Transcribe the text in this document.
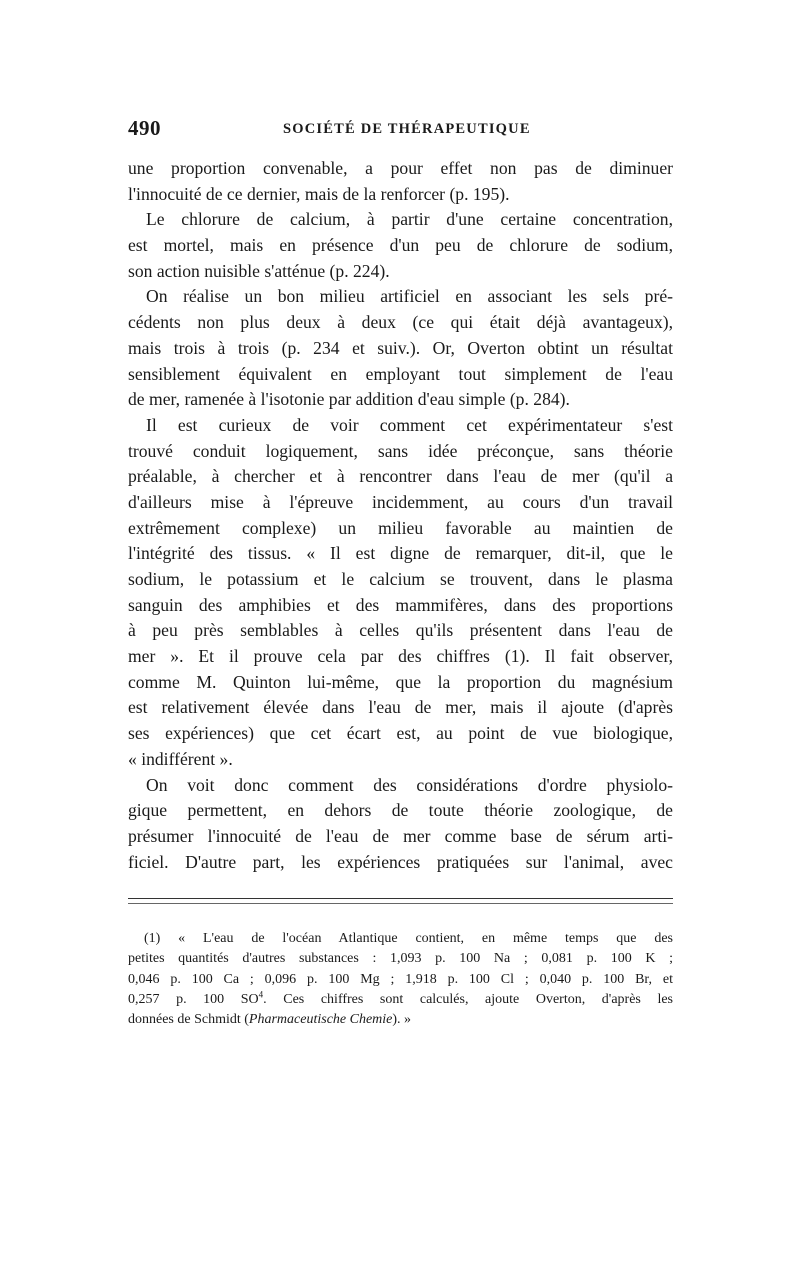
490	SOCIÉTÉ DE THÉRAPEUTIQUE
une proportion convenable, a pour effet non pas de diminuer
l'innocuité de ce dernier, mais de la renforcer (p. 195).
Le chlorure de calcium, à partir d'une certaine concentration,
est mortel, mais en présence d'un peu de chlorure de sodium,
son action nuisible s'atténue (p. 224).
On réalise un bon milieu artificiel en associant les sels pré-
cédents non plus deux à deux (ce qui était déjà avantageux),
mais trois à trois (p. 234 et suiv.). Or, Overton obtint un résultat
sensiblement équivalent en employant tout simplement de l'eau
de mer, ramenée à l'isotonie par addition d'eau simple (p. 284).
Il est curieux de voir comment cet expérimentateur s'est
trouvé conduit logiquement, sans idée préconçue, sans théorie
préalable, à chercher et à rencontrer dans l'eau de mer (qu'il a
d'ailleurs mise à l'épreuve incidemment, au cours d'un travail
extrêmement complexe) un milieu favorable au maintien de
l'intégrité des tissus. « Il est digne de remarquer, dit-il, que le
sodium, le potassium et le calcium se trouvent, dans le plasma
sanguin des amphibies et des mammifères, dans des proportions
à peu près semblables à celles qu'ils présentent dans l'eau de
mer ». Et il prouve cela par des chiffres (1). Il fait observer,
comme M. Quinton lui-même, que la proportion du magnésium
est relativement élevée dans l'eau de mer, mais il ajoute (d'après
ses expériences) que cet écart est, au point de vue biologique,
« indifférent ».
On voit donc comment des considérations d'ordre physiolo-
gique permettent, en dehors de toute théorie zoologique, de
présumer l'innocuité de l'eau de mer comme base de sérum arti-
ficiel. D'autre part, les expériences pratiquées sur l'animal, avec
(1) « L'eau de l'océan Atlantique contient, en même temps que des
petites quantités d'autres substances : 1,093 p. 100 Na ; 0,081 p. 100 K ;
0,046 p. 100 Ca ; 0,096 p. 100 Mg ; 1,918 p. 100 Cl ; 0,040 p. 100 Br, et
0,257 p. 100 $SO^4$. Ces chiffres sont calculés, ajoute Overton, d'après les
données de Schmidt (Pharmaceutische Chemie). »
